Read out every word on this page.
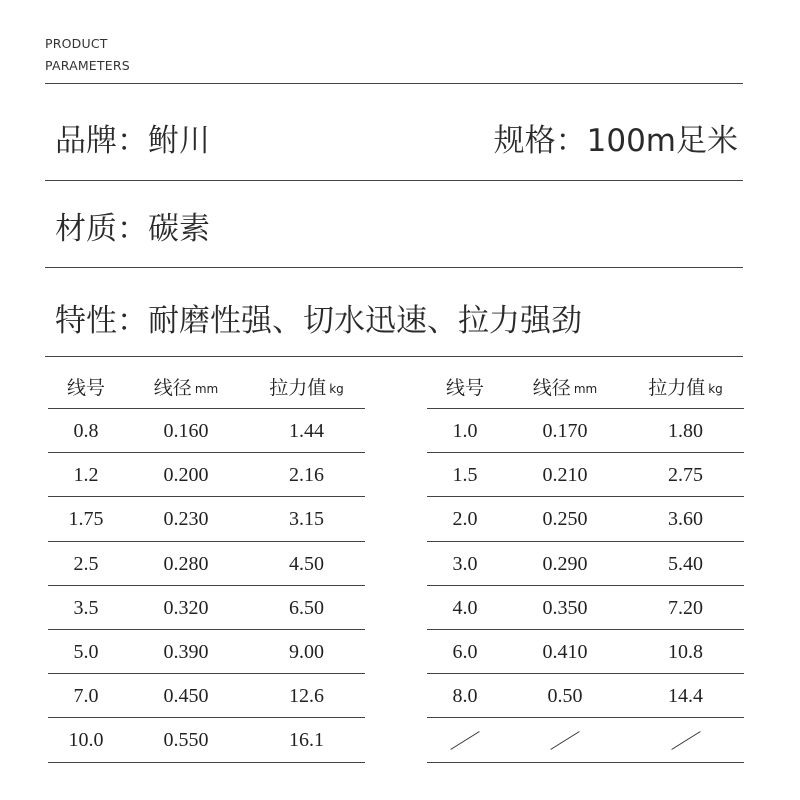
PRODUCT
PARAMETERS
品牌：鲋川	规格：100m足米
材质：碳素
特性：耐磨性强、切水迅速、拉力强劲
线号	线径 mm	拉力值 kg
0.8	0.160	1.44
1.2	0.200	2.16
1.75	0.230	3.15
2.5	0.280	4.50
3.5	0.320	6.50
5.0	0.390	9.00
7.0	0.450	12.6
10.0	0.550	16.1
线号	线径 mm	拉力值 kg
1.0	0.170	1.80
1.5	0.210	2.75
2.0	0.250	3.60
3.0	0.290	5.40
4.0	0.350	7.20
6.0	0.410	10.8
8.0	0.50	14.4
